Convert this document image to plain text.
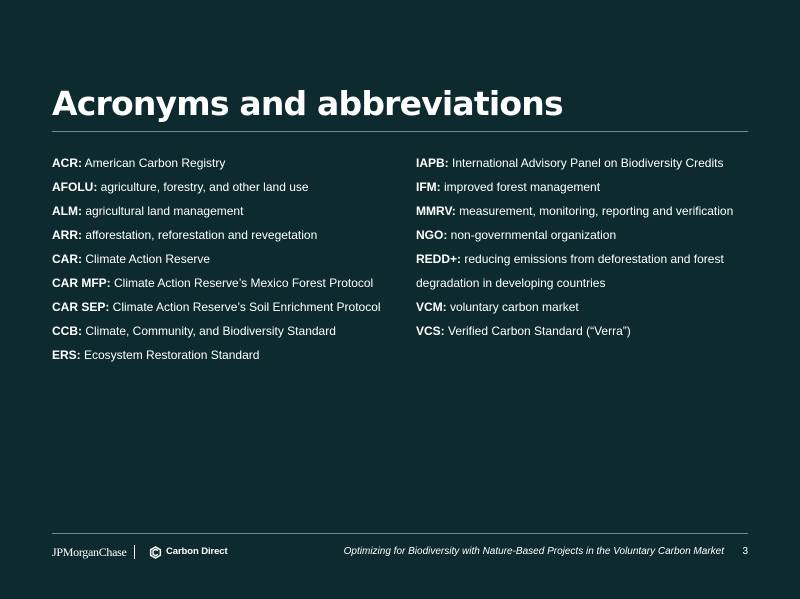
Acronyms and abbreviations

ACR: American Carbon Registry

AFOLU: agriculture, forestry, and other land use

ALM: agricultural land management

ARR: afforestation, reforestation and revegetation

CAR: Climate Action Reserve

CAR MFP: Climate Action Reserve’s Mexico Forest Protocol

CAR SEP: Climate Action Reserve’s Soil Enrichment Protocol

CCB: Climate, Community, and Biodiversity Standard

ERS: Ecosystem Restoration Standard

IAPB: International Advisory Panel on Biodiversity Credits

IFM: improved forest management

MMRV: measurement, monitoring, reporting and verification

NGO: non-governmental organization

REDD+: reducing emissions from deforestation and forest degradation in developing countries

VCM: voluntary carbon market

VCS: Verified Carbon Standard (“Verra”)

JPMorganChase	Carbon Direct	Optimizing for Biodiversity with Nature-Based Projects in the Voluntary Carbon Market 3
